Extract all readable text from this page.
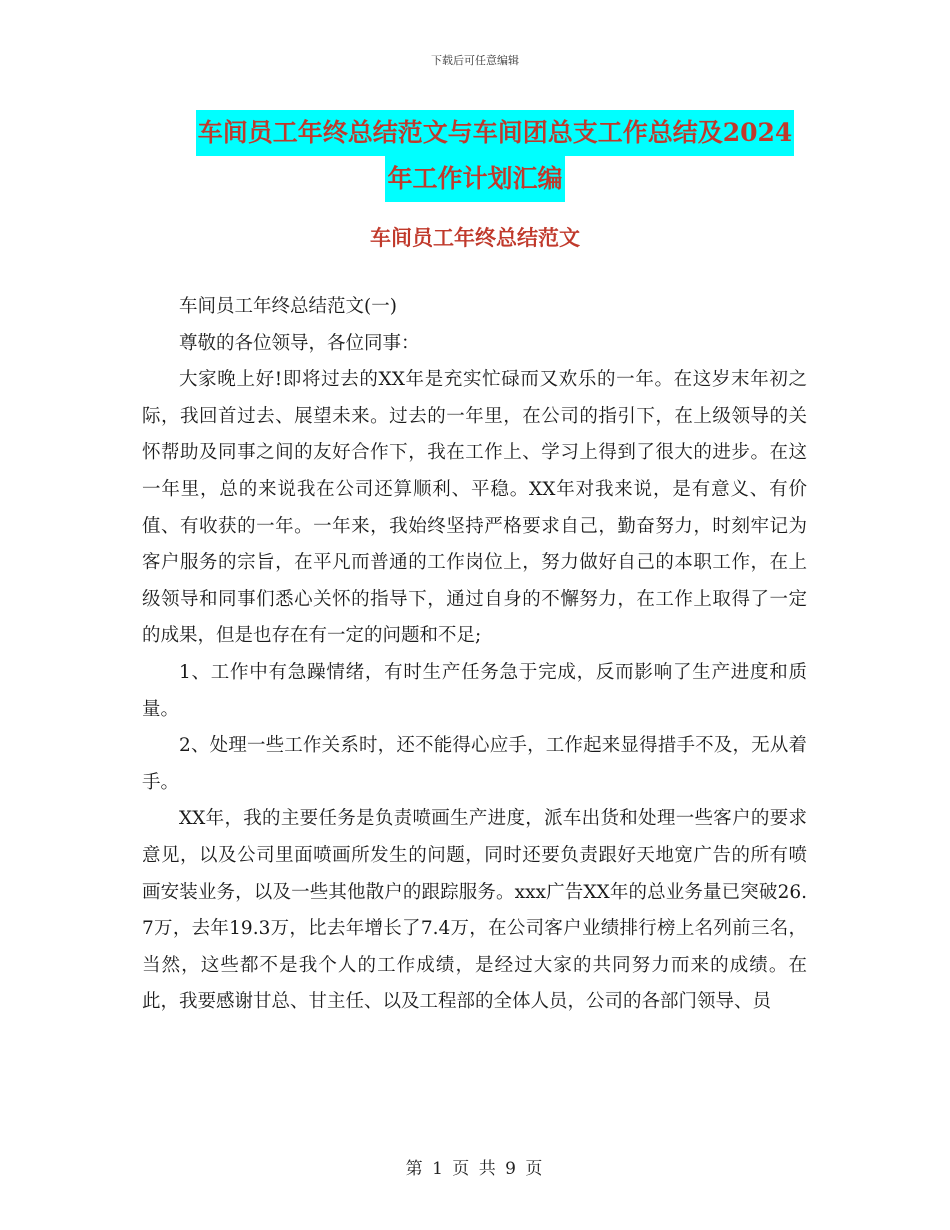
下载后可任意编辑
车间员工年终总结范文与车间团总支工作总结及2024
年工作计划汇编
车间员工年终总结范文

车间员工年终总结范文(一)

尊敬的各位领导，各位同事：

大家晚上好!即将过去的XX年是充实忙碌而又欢乐的一年。在这岁末年初之际，我回首过去、展望未来。过去的一年里，在公司的指引下，在上级领导的关怀帮助及同事之间的友好合作下，我在工作上、学习上得到了很大的进步。在这一年里，总的来说我在公司还算顺利、平稳。XX年对我来说，是有意义、有价值、有收获的一年。一年来，我始终坚持严格要求自己，勤奋努力，时刻牢记为客户服务的宗旨，在平凡而普通的工作岗位上，努力做好自己的本职工作，在上级领导和同事们悉心关怀的指导下，通过自身的不懈努力，在工作上取得了一定的成果，但是也存在有一定的问题和不足;

1、工作中有急躁情绪，有时生产任务急于完成，反而影响了生产进度和质量。

2、处理一些工作关系时，还不能得心应手，工作起来显得措手不及，无从着手。

XX年，我的主要任务是负责喷画生产进度，派车出货和处理一些客户的要求意见，以及公司里面喷画所发生的问题，同时还要负责跟好天地宽广告的所有喷画安装业务，以及一些其他散户的跟踪服务。xxx广告XX年的总业务量已突破26.7万，去年19.3万，比去年增长了7.4万，在公司客户业绩排行榜上名列前三名，当然，这些都不是我个人的工作成绩，是经过大家的共同努力而来的成绩。在此，我要感谢甘总、甘主任、以及工程部的全体人员，公司的各部门领导、员

第 1 页 共 9 页
